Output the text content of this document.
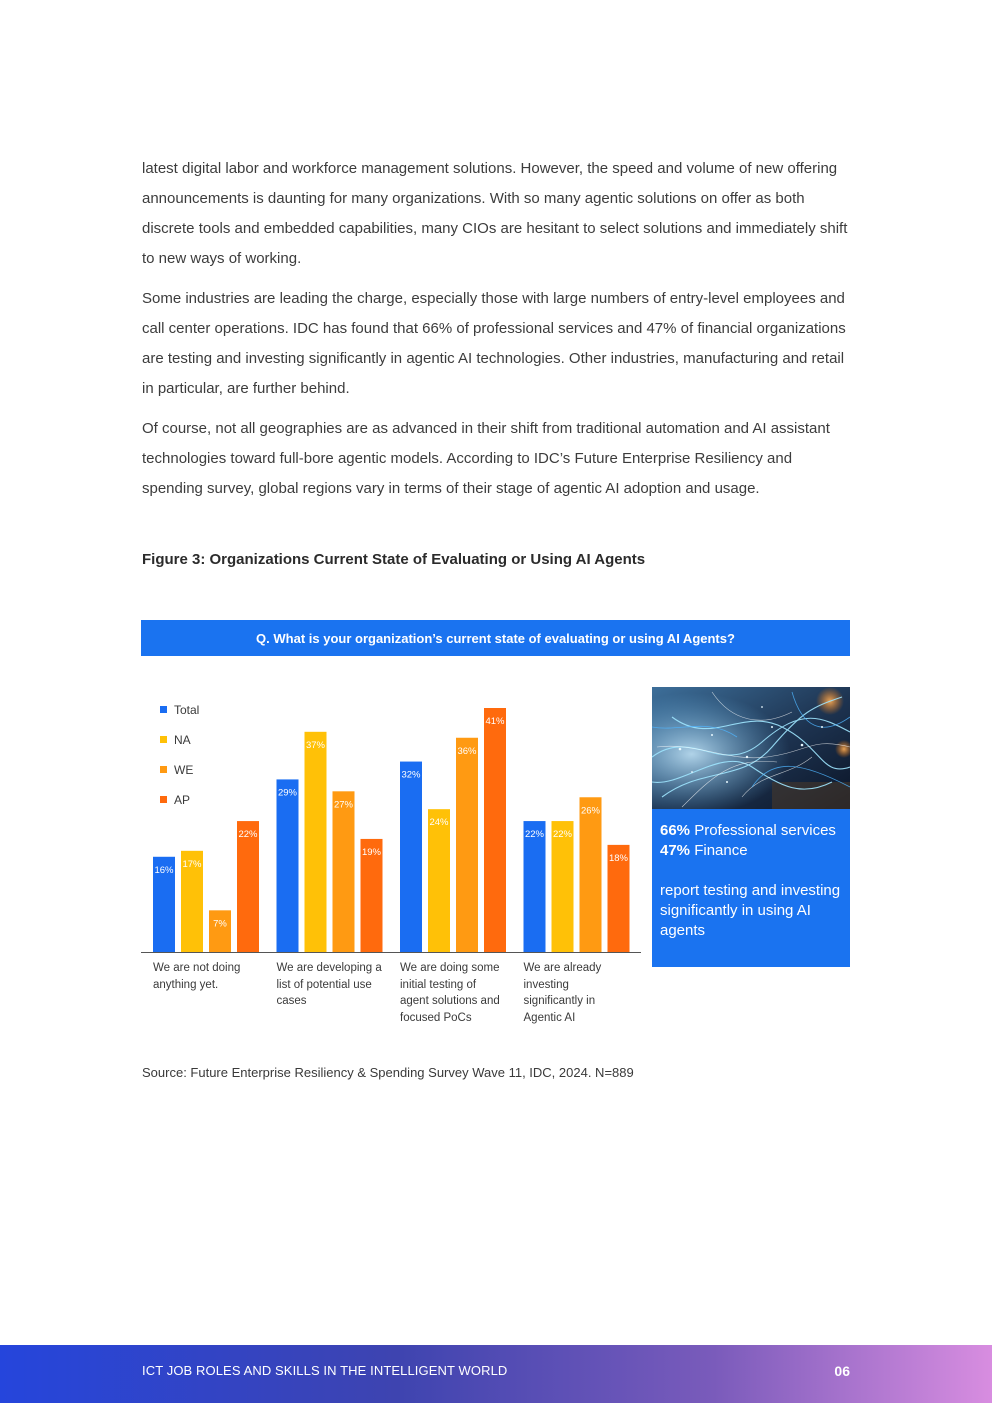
latest digital labor and workforce management solutions. However, the speed and volume of new offering announcements is daunting for many organizations. With so many agentic solutions on offer as both discrete tools and embedded capabilities, many CIOs are hesitant to select solutions and immediately shift to new ways of working.

Some industries are leading the charge, especially those with large numbers of entry-level employees and call center operations. IDC has found that 66% of professional services and 47% of financial organizations are testing and investing significantly in agentic AI technologies. Other industries, manufacturing and retail in particular, are further behind.

Of course, not all geographies are as advanced in their shift from traditional automation and AI assistant technologies toward full-bore agentic models. According to IDC’s Future Enterprise Resiliency and spending survey, global regions vary in terms of their stage of agentic AI adoption and usage.

Figure 3: Organizations Current State of Evaluating or Using AI Agents
Q. What is your organization’s current state of evaluating or using AI Agents?
16%
29%
32%
22%
17%
37%
24%
22%
7%
27%
36%
26%
22%
19%
41%
18%
Total
NA
WE
AP
We are not doing
anything yet.
We are developing a
list of potential use
cases
We are doing some
initial testing of
agent solutions and
focused PoCs
We are already
investing
significantly in
Agentic AI
66% Professional services
47% Finance
report testing and investing significantly in using AI agents
Source: Future Enterprise Resiliency & Spending Survey Wave 11, IDC, 2024. N=889
ICT JOB ROLES AND SKILLS IN THE INTELLIGENT WORLD	06
